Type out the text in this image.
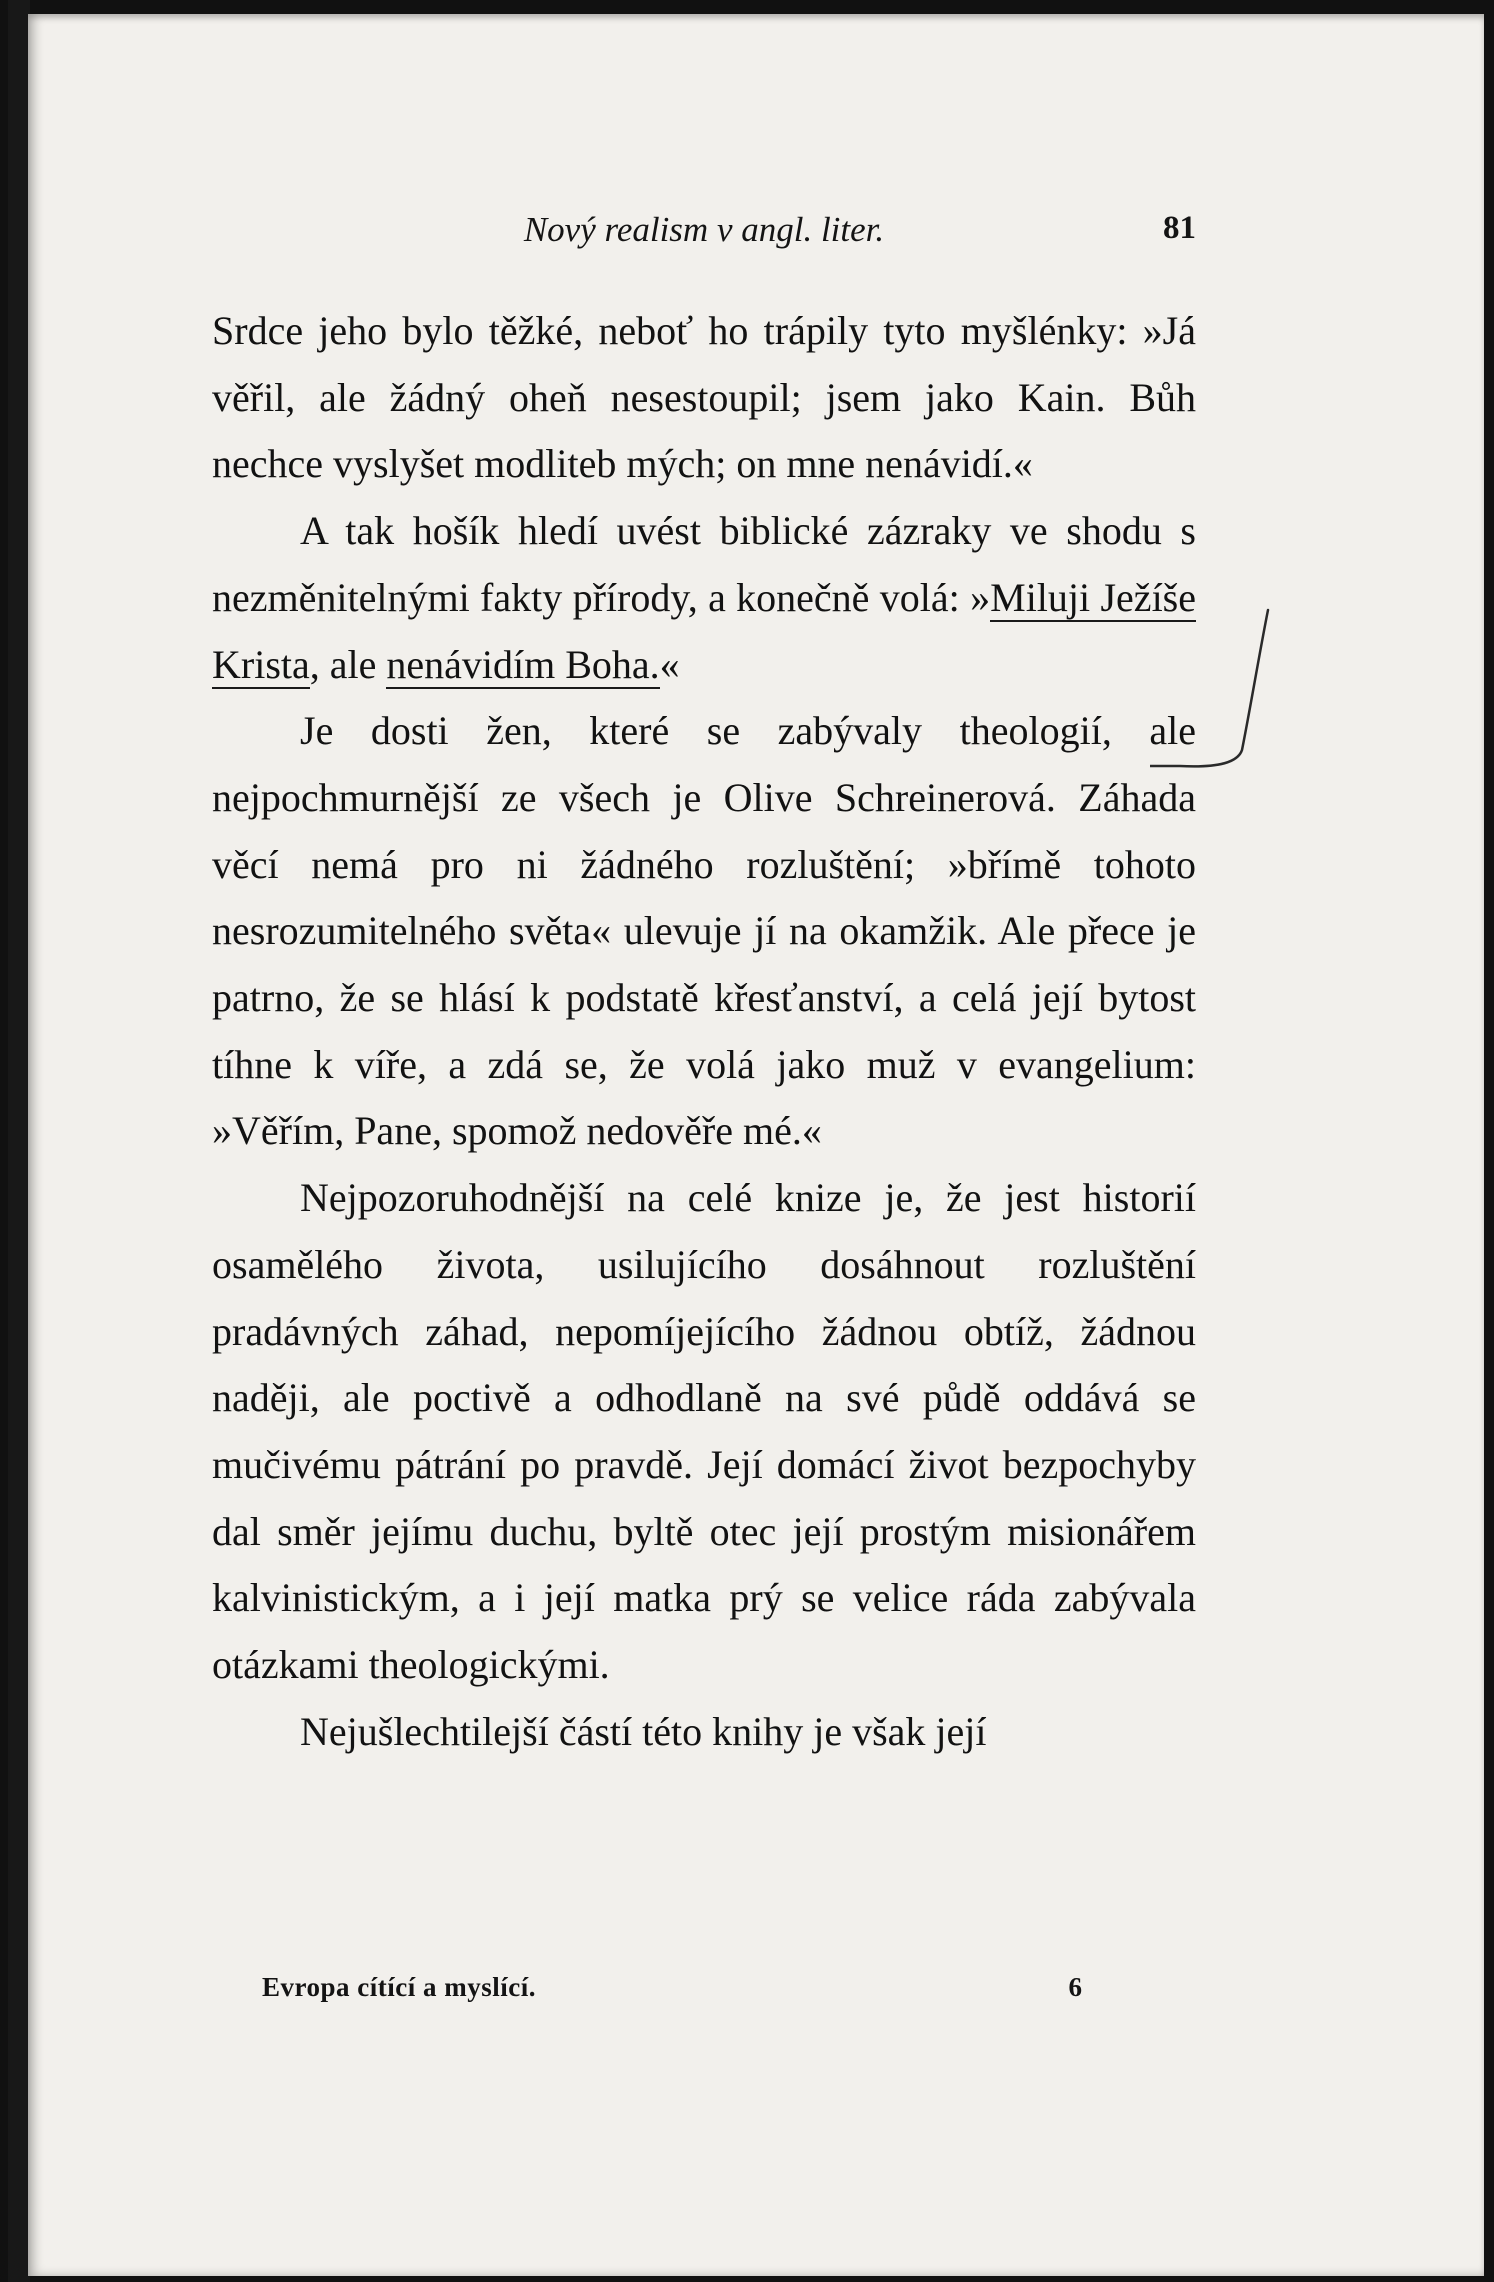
Nový realism v angl. liter.	81

Srdce jeho bylo těžké, neboť ho trápily tyto myšlénky: »Já věřil, ale žádný oheň nesestoupil; jsem jako Kain. Bůh nechce vyslyšet modliteb mých; on mne nenávidí.«

A tak hošík hledí uvést biblické zázraky ve shodu s nezměnitelnými fakty přírody, a konečně volá: »Miluji Ježíše Krista, ale nenávidím Boha.«

Je dosti žen, které se zabývaly theologií, ale nejpochmurnější ze všech je Olive Schreinerová. Záhada věcí nemá pro ni žádného rozluštění; »břímě tohoto nesrozumitelného světa« ulevuje jí na okamžik. Ale přece je patrno, že se hlásí k podstatě křesťanství, a celá její bytost tíhne k víře, a zdá se, že volá jako muž v evangelium: »Věřím, Pane, spomož nedověře mé.«

Nejpozoruhodnější na celé knize je, že jest historií osamělého života, usilujícího dosáhnout rozluštění pradávných záhad, nepomíjejícího žádnou obtíž, žádnou naději, ale poctivě a odhodlaně na své půdě oddává se mučivému pátrání po pravdě. Její domácí život bezpochyby dal směr jejímu duchu, byltě otec její prostým misionářem kalvinistickým, a i její matka prý se velice ráda zabývala otázkami theologickými.

Nejušlechtilejší částí této knihy je však její

Evropa cítící a myslící.	6
